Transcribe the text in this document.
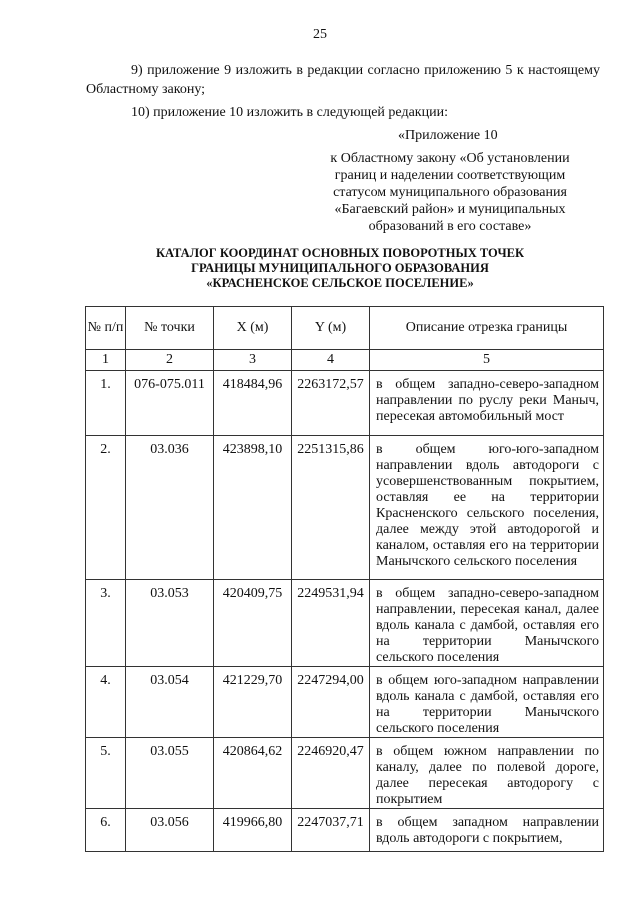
25
9) приложение 9 изложить в редакции согласно приложению 5 к настоящему Областному закону;
10) приложение 10 изложить в следующей редакции:
«Приложение 10
к Областному закону «Об установлении
границ и наделении соответствующим
статусом муниципального образования
«Багаевский район» и муниципальных
образований в его составе»
КАТАЛОГ КООРДИНАТ ОСНОВНЫХ ПОВОРОТНЫХ ТОЧЕК
ГРАНИЦЫ МУНИЦИПАЛЬНОГО ОБРАЗОВАНИЯ
«КРАСНЕНСКОЕ СЕЛЬСКОЕ ПОСЕЛЕНИЕ»
№ п/п	№ точки	X (м)	Y (м)	Описание отрезка границы
1	2	3	4	5
1.	076-075.011	418484,96	2263172,57	в общем западно-северо-западном направлении по руслу реки Маныч, пересекая автомобильный мост
2.	03.036	423898,10	2251315,86	в общем юго-юго-западном направлении вдоль автодороги с усовершенствованным покрытием, оставляя ее на территории Красненского сельского поселения, далее между этой автодорогой и каналом, оставляя его на территории Манычского сельского поселения
3.	03.053	420409,75	2249531,94	в общем западно-северо-западном направлении, пересекая канал, далее вдоль канала с дамбой, оставляя его на территории Манычского сельского поселения
4.	03.054	421229,70	2247294,00	в общем юго-западном направлении вдоль канала с дамбой, оставляя его на территории Манычского сельского поселения
5.	03.055	420864,62	2246920,47	в общем южном направлении по каналу, далее по полевой дороге, далее пересекая автодорогу с покрытием
6.	03.056	419966,80	2247037,71	в общем западном направлении вдоль автодороги с покрытием,
